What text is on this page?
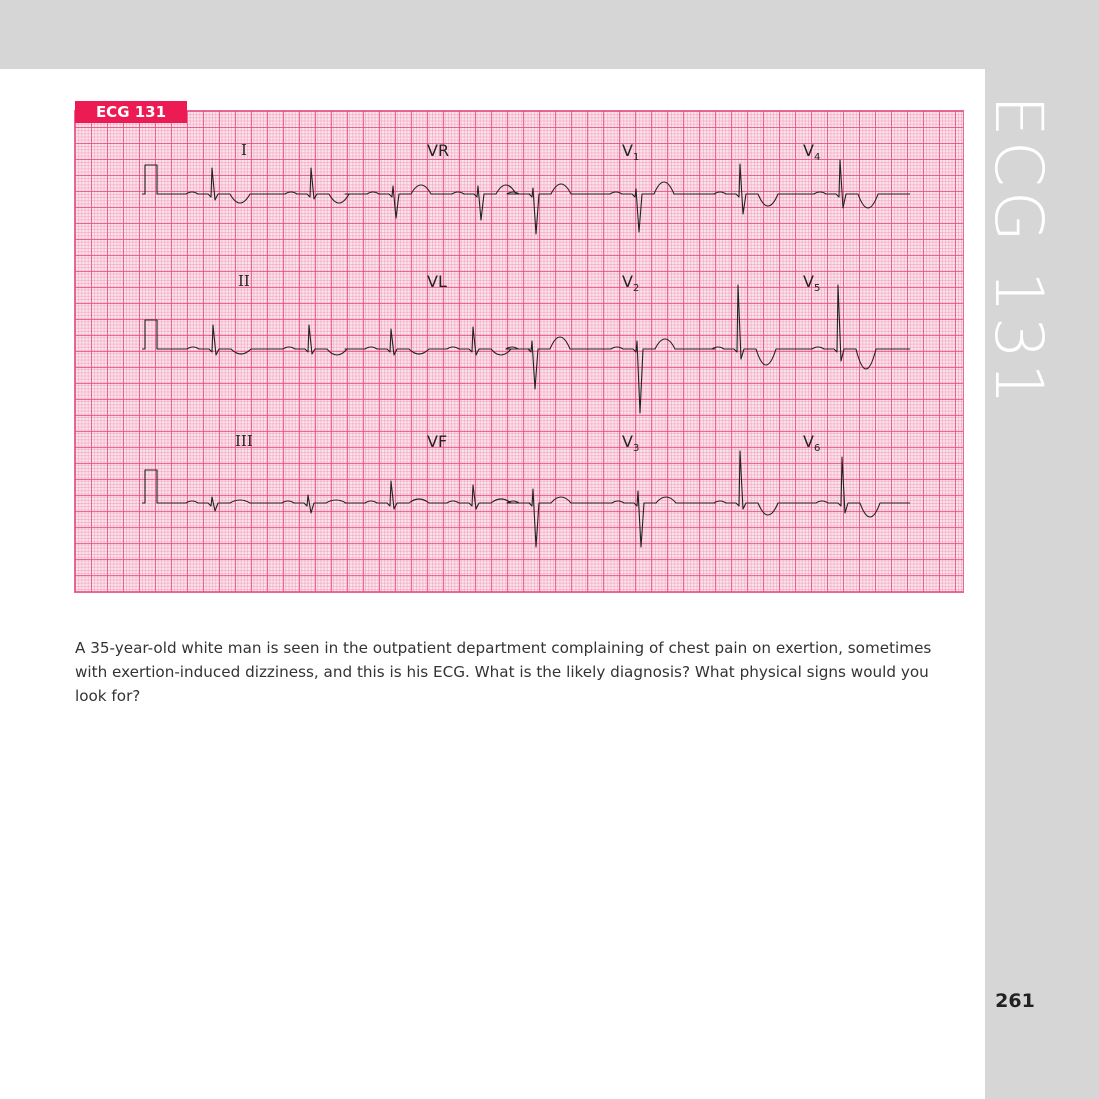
ECG 131
ECG 131
I	VR	$V_1$	$V_4$
II	VL	$V_2$	$V_5$
III	VF	$V_3$	$V_6$

A 35-year-old white man is seen in the outpatient department complaining of chest pain on exertion, sometimes with exertion-induced dizziness, and this is his ECG. What is the likely diagnosis? What physical signs would you look for?

261
